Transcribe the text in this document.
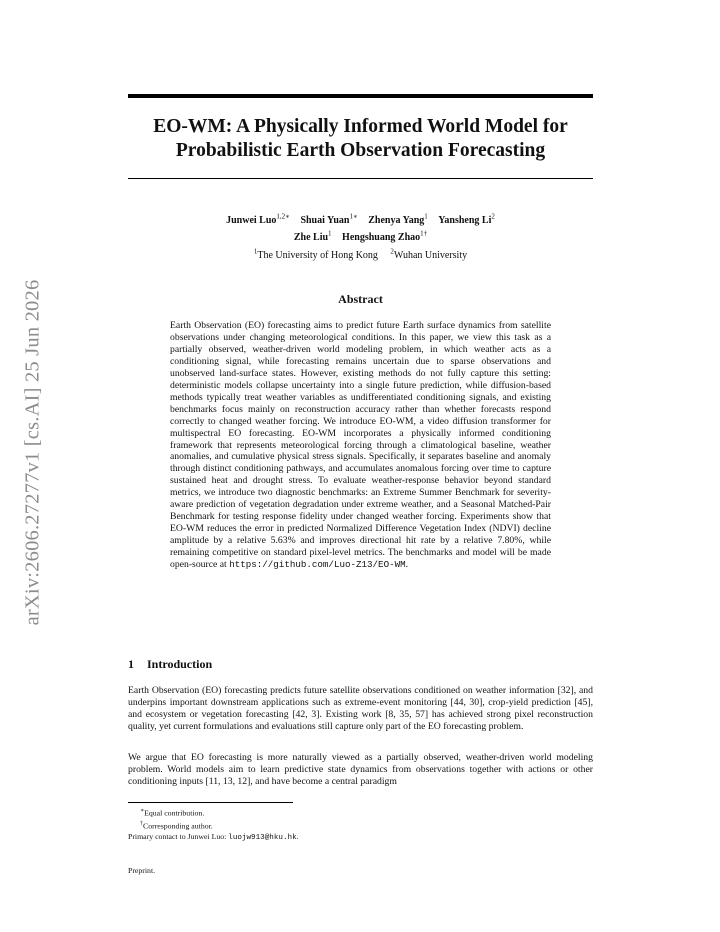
arXiv:2606.27277v1 [cs.AI] 25 Jun 2026
EO-WM: A Physically Informed World Model for
Probabilistic Earth Observation Forecasting
Junwei Luo$^{1,2∗}$ Shuai Yuan$^{1∗}$ Zhenya Yang$^1$ Yansheng Li$^2$
Zhe Liu$^1$ Hengshuang Zhao$^{1\dagger}$
$^1$The University of Hong Kong $^2$Wuhan University
Abstract

Earth Observation (EO) forecasting aims to predict future Earth surface dynamics from satellite observations under changing meteorological conditions. In this paper, we view this task as a partially observed, weather-driven world modeling problem, in which weather acts as a conditioning signal, while forecasting remains uncertain due to sparse observations and unobserved land-surface states. However, existing methods do not fully capture this setting: deterministic models collapse uncertainty into a single future prediction, while diffusion-based methods typically treat weather variables as undifferentiated conditioning signals, and existing benchmarks focus mainly on reconstruction accuracy rather than whether forecasts respond correctly to changed weather forcing. We introduce EO-WM, a video diffusion transformer for multispectral EO forecasting. EO-WM incorporates a physically informed conditioning framework that represents meteorological forcing through a climatological baseline, weather anomalies, and cumulative physical stress signals. Specifically, it separates baseline and anomaly through distinct conditioning pathways, and accumulates anomalous forcing over time to capture sustained heat and drought stress. To evaluate weather-response behavior beyond standard metrics, we introduce two diagnostic benchmarks: an Extreme Summer Benchmark for severity-aware prediction of vegetation degradation under extreme weather, and a Seasonal Matched-Pair Benchmark for testing response fidelity under changed weather forcing. Experiments show that EO-WM reduces the error in predicted Normalized Difference Vegetation Index (NDVI) decline amplitude by a relative 5.63% and improves directional hit rate by a relative 7.80%, while remaining competitive on standard pixel-level metrics. The benchmarks and model will be made open-source at https://github.com/Luo-Z13/EO-WM.

1 Introduction

Earth Observation (EO) forecasting predicts future satellite observations conditioned on weather information [32], and underpins important downstream applications such as extreme-event monitoring [44, 30], crop-yield prediction [45], and ecosystem or vegetation forecasting [42, 3]. Existing work [8, 35, 57] has achieved strong pixel reconstruction quality, yet current formulations and evaluations still capture only part of the EO forecasting problem.

We argue that EO forecasting is more naturally viewed as a partially observed, weather-driven world modeling problem. World models aim to learn predictive state dynamics from observations together with actions or other conditioning inputs [11, 13, 12], and have become a central paradigm

∗Equal contribution.
†Corresponding author.
Primary contact to Junwei Luo: luojw913@hku.hk.
Preprint.
